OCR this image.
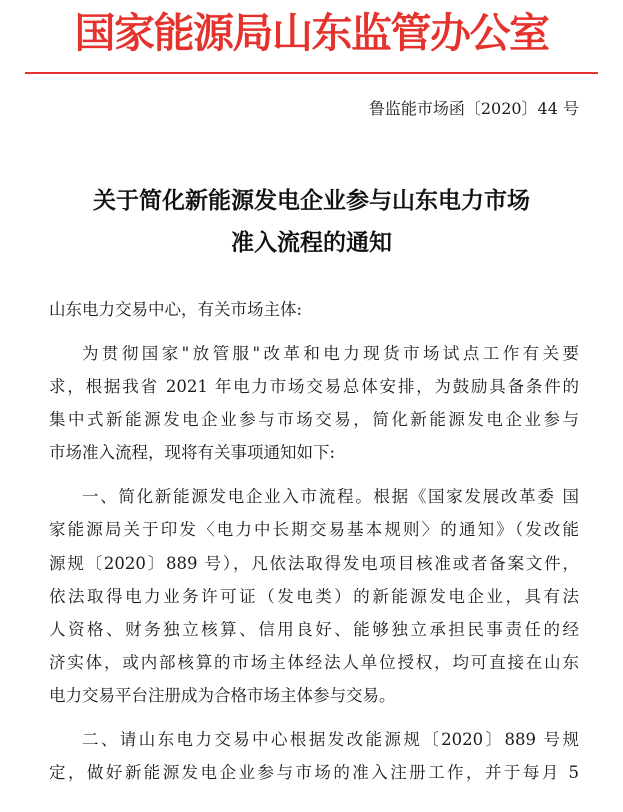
国家能源局山东监管办公室
鲁监能市场函〔2020〕44 号
关于简化新能源发电企业参与山东电力市场
准入流程的通知
山东电力交易中心，有关市场主体:
为贯彻国家"放管服"改革和电力现货市场试点工作有关要
求，根据我省 2021 年电力市场交易总体安排，为鼓励具备条件的
集中式新能源发电企业参与市场交易，简化新能源发电企业参与
市场准入流程，现将有关事项通知如下:
一、简化新能源发电企业入市流程。根据《国家发展改革委 国
家能源局关于印发〈电力中长期交易基本规则〉的通知》（发改能
源规〔2020〕889 号），凡依法取得发电项目核准或者备案文件，
依法取得电力业务许可证（发电类）的新能源发电企业，具有法
人资格、财务独立核算、信用良好、能够独立承担民事责任的经
济实体，或内部核算的市场主体经法人单位授权，均可直接在山东
电力交易平台注册成为合格市场主体参与交易。
二、请山东电力交易中心根据发改能源规〔2020〕889 号规
定，做好新能源发电企业参与市场的准入注册工作，并于每月 5
